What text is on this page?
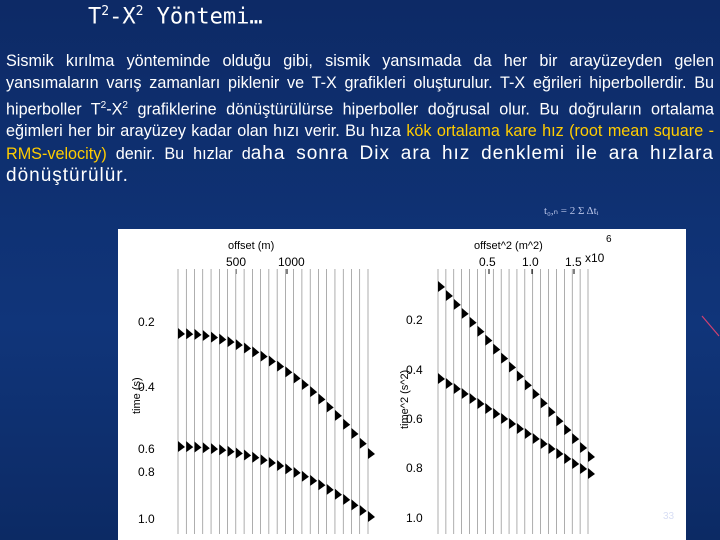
$T^2-X^2$ Yöntemi…
Sismik kırılma yönteminde olduğu gibi, sismik yansımada da her bir arayüzeyden gelen yansımaların varış zamanları piklenir ve T-X grafikleri oluşturulur. T-X eğrileri hiperbollerdir. Bu hiperboller $T^2-X^2$ grafiklerine dönüştürülürse hiperboller doğrusal olur. Bu doğruların ortalama eğimleri her bir arayüzey kadar olan hızı verir. Bu hıza kök ortalama kare hız (root mean square -RMS-velocity) denir. Bu hızlar daha sonra Dix ara hız denklemi ile ara hızlara dönüştürülür.
t₀,ₙ = 2 Σ Δtᵢ
offset (m)
500	1000
time (s)
0.2
0.4
0.6
0.8
1.0
offset^2 (m^2)
0.5 1.0 1.5 x10
6
time^2 (s^2)
0.2
0.4
0.6
0.8
1.0	33
